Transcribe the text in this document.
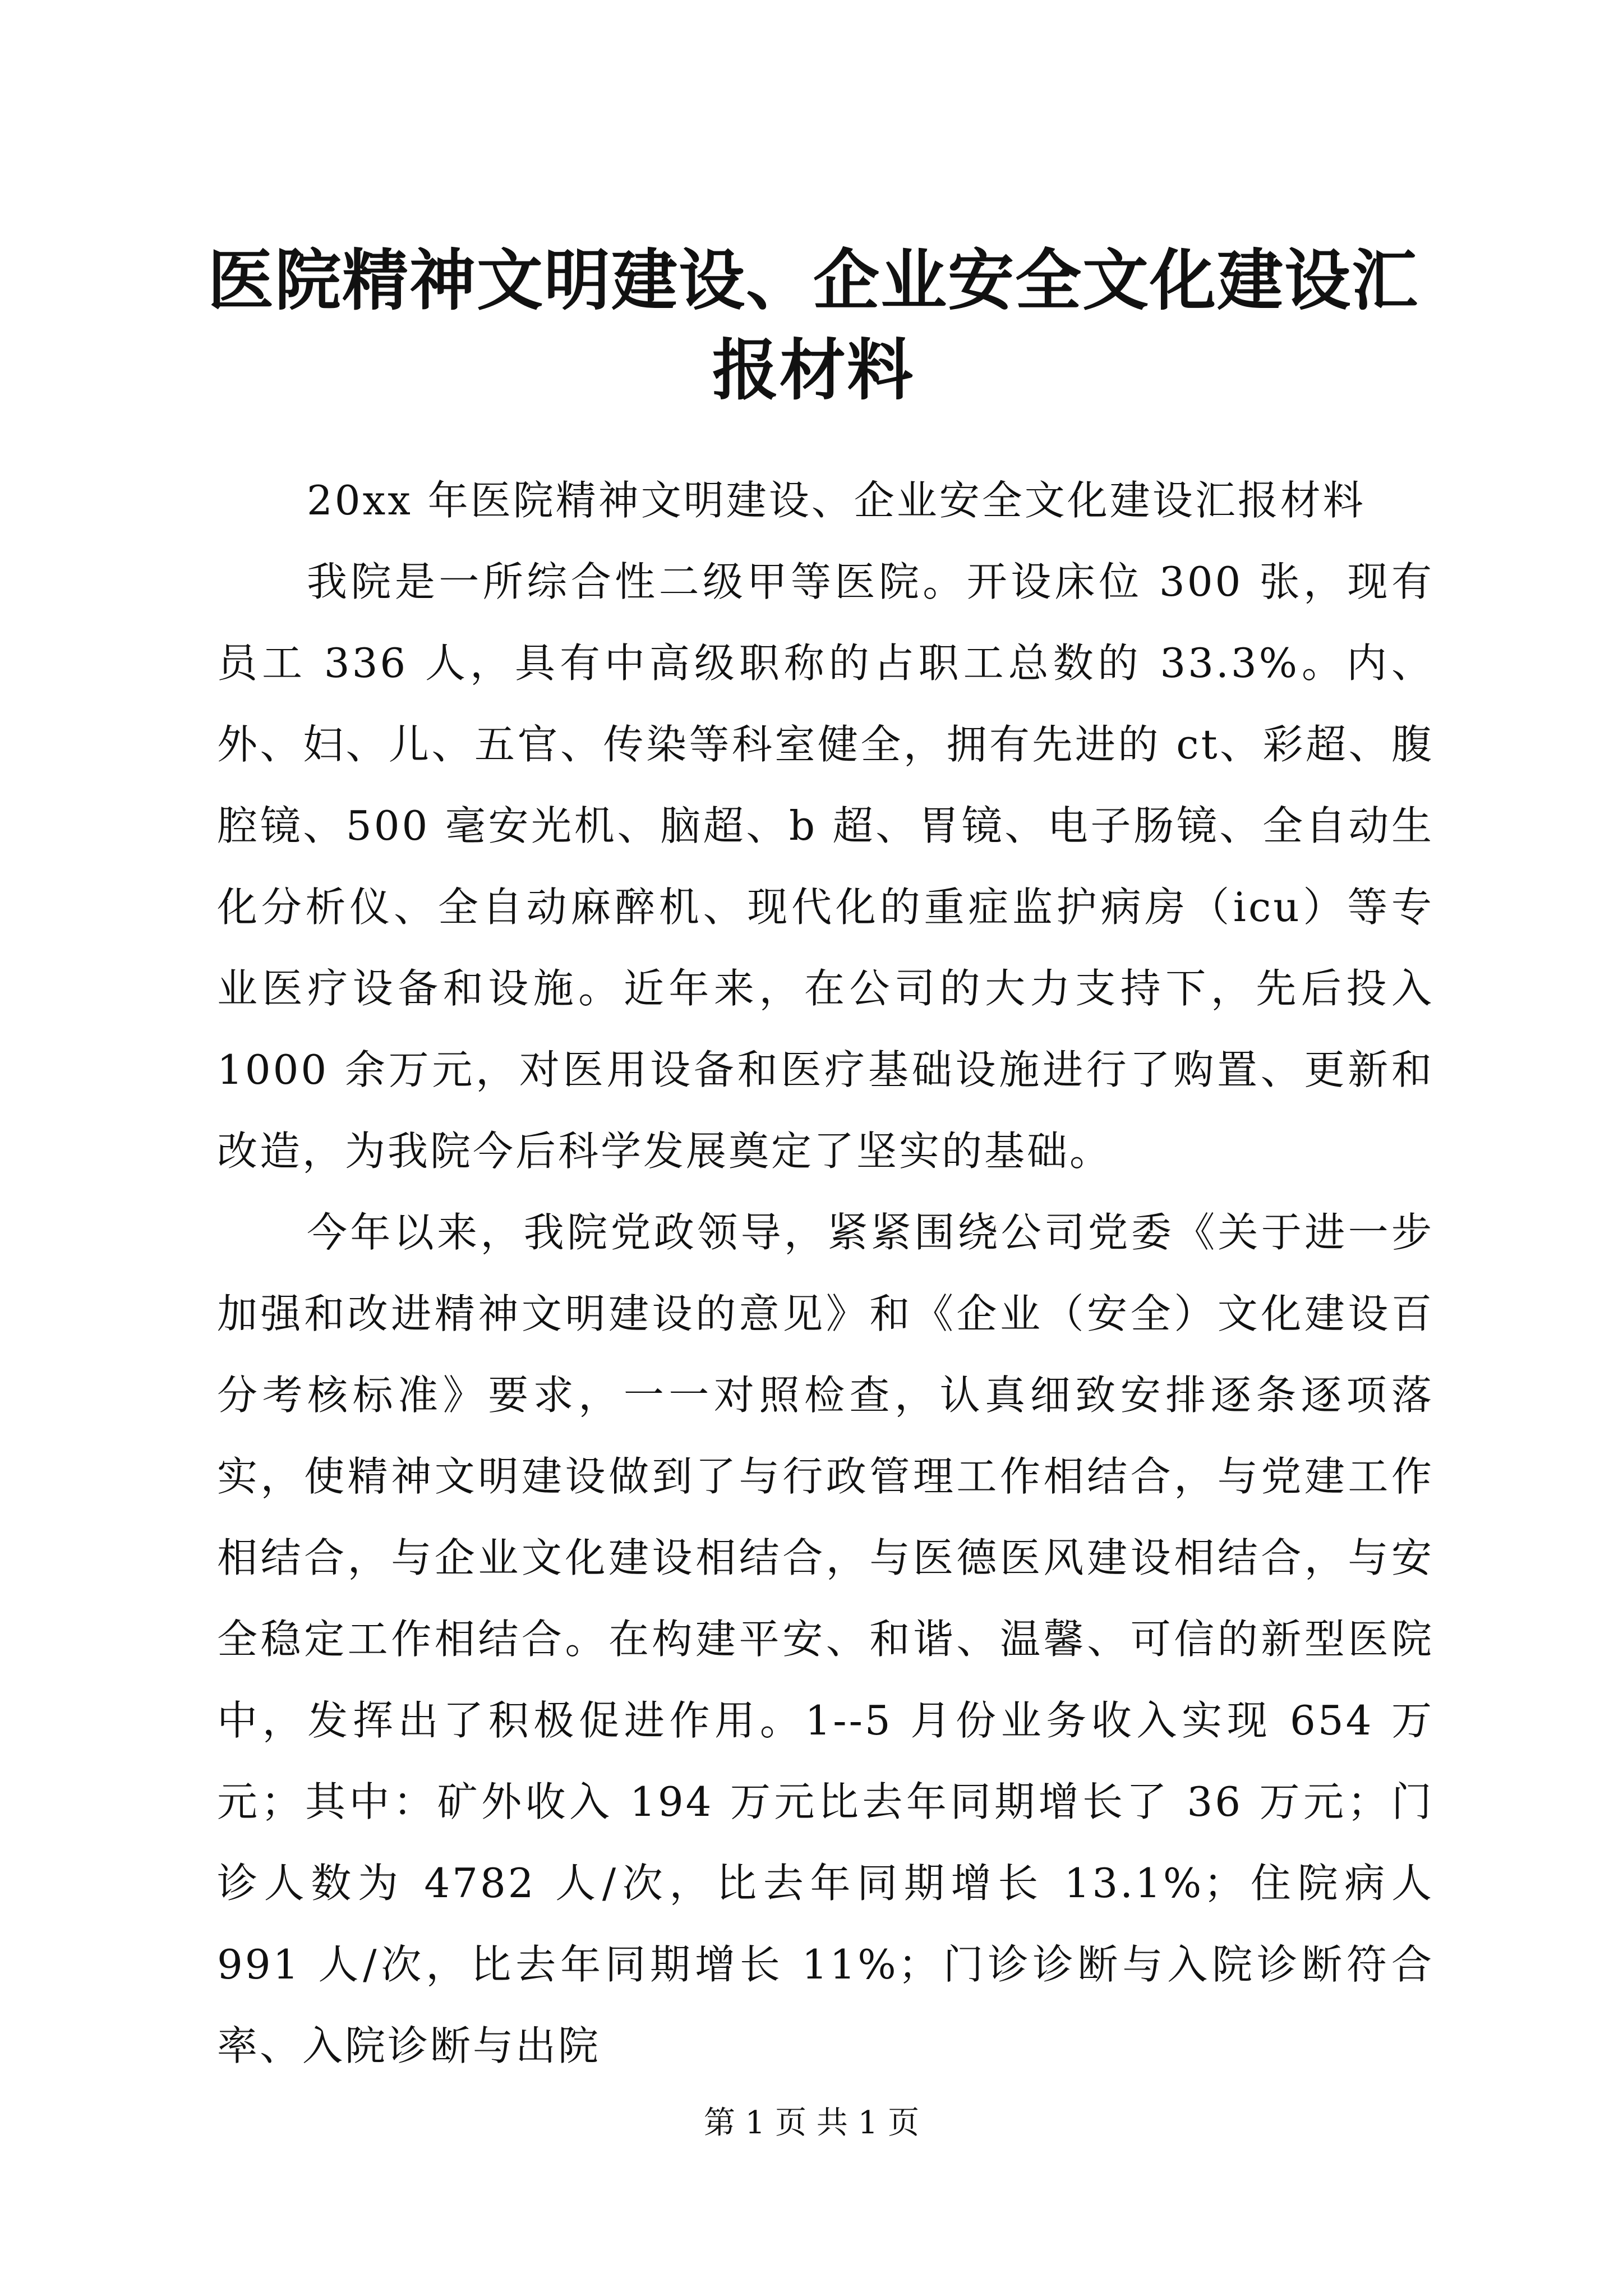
医院精神文明建设、企业安全文化建设汇报材料

20xx 年医院精神文明建设、企业安全文化建设汇报材料

我院是一所综合性二级甲等医院。开设床位 300 张，现有员工 336 人，具有中高级职称的占职工总数的 33.3%。内、外、妇、儿、五官、传染等科室健全，拥有先进的 ct、彩超、腹腔镜、500 毫安光机、脑超、b 超、胃镜、电子肠镜、全自动生化分析仪、全自动麻醉机、现代化的重症监护病房（icu）等专业医疗设备和设施。近年来，在公司的大力支持下，先后投入 1000 余万元，对医用设备和医疗基础设施进行了购置、更新和改造，为我院今后科学发展奠定了坚实的基础。

今年以来，我院党政领导，紧紧围绕公司党委《关于进一步加强和改进精神文明建设的意见》和《企业（安全）文化建设百分考核标准》要求，一一对照检查，认真细致安排逐条逐项落实，使精神文明建设做到了与行政管理工作相结合，与党建工作相结合，与企业文化建设相结合，与医德医风建设相结合，与安全稳定工作相结合。在构建平安、和谐、温馨、可信的新型医院中，发挥出了积极促进作用。1--5 月份业务收入实现 654 万元；其中：矿外收入 194 万元比去年同期增长了 36 万元；门诊人数为 4782 人/次，比去年同期增长 13.1%；住院病人 991 人/次，比去年同期增长 11%；门诊诊断与入院诊断符合率、入院诊断与出院

第 1 页 共 1 页
